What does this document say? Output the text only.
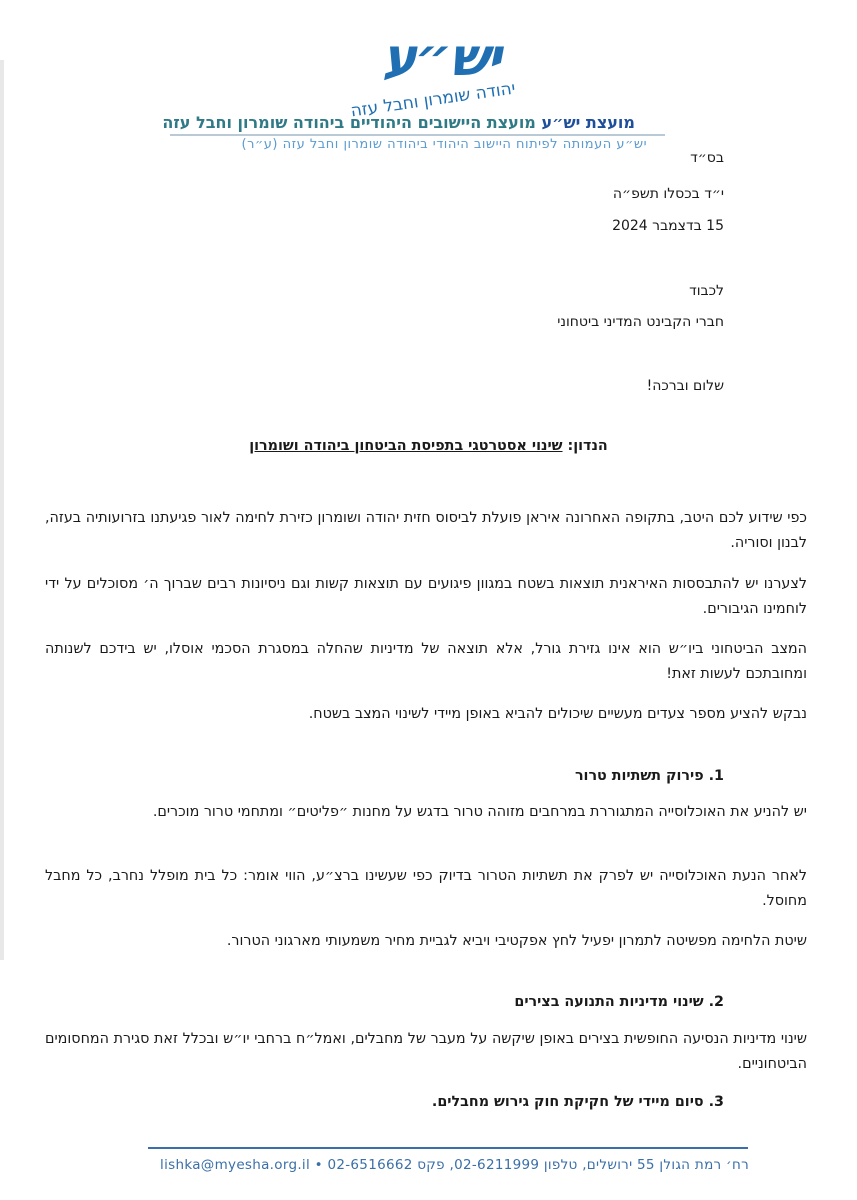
יש״ע
יהודה שומרון וחבל עזה
מועצת יש״ע מועצת היישובים היהודיים ביהודה שומרון וחבל עזה
יש״ע העמותה לפיתוח היישוב היהודי ביהודה שומרון וחבל עזה (ע״ר)
בס״ד
י״ד בכסלו תשפ״ה
15 בדצמבר 2024
לכבוד
חברי הקבינט המדיני ביטחוני
שלום וברכה!
הנדון: שינוי אסטרטגי בתפיסת הביטחון ביהודה ושומרון
כפי שידוע לכם היטב, בתקופה האחרונה איראן פועלת לביסוס חזית יהודה ושומרון כזירת לחימה לאור פגיעתנו בזרועותיה בעזה, לבנון וסוריה.
לצערנו יש להתבססות האיראנית תוצאות בשטח במגוון פיגועים עם תוצאות קשות וגם ניסיונות רבים שברוך ה׳ מסוכלים על ידי לוחמינו הגיבורים.
המצב הביטחוני ביו״ש הוא אינו גזירת גורל, אלא תוצאה של מדיניות שהחלה במסגרת הסכמי אוסלו, יש בידכם לשנותה ומחובתכם לעשות זאת!
נבקש להציע מספר צעדים מעשיים שיכולים להביא באופן מיידי לשינוי המצב בשטח.
1. פירוק תשתיות טרור
יש להניע את האוכלוסייה המתגוררת במרחבים מזוהה טרור בדגש על מחנות ״פליטים״ ומתחמי טרור מוכרים.
לאחר הנעת האוכלוסייה יש לפרק את תשתיות הטרור בדיוק כפי שעשינו ברצ״ע, הווי אומר: כל בית מופלל נחרב, כל מחבל מחוסל.
שיטת הלחימה מפשיטה לתמרון יפעיל לחץ אפקטיבי ויביא לגביית מחיר משמעותי מארגוני הטרור.
2. שינוי מדיניות התנועה בצירים
שינוי מדיניות הנסיעה החופשית בצירים באופן שיקשה על מעבר של מחבלים, ואמל״ח ברחבי יו״ש ובכלל זאת סגירת המחסומים הביטחוניים.
3. סיום מיידי של חקיקת חוק גירוש מחבלים.
רח׳ רמת הגולן 55 ירושלים, טלפון 02-6211999, פקס 02-6516662 • lishka@myesha.org.il
